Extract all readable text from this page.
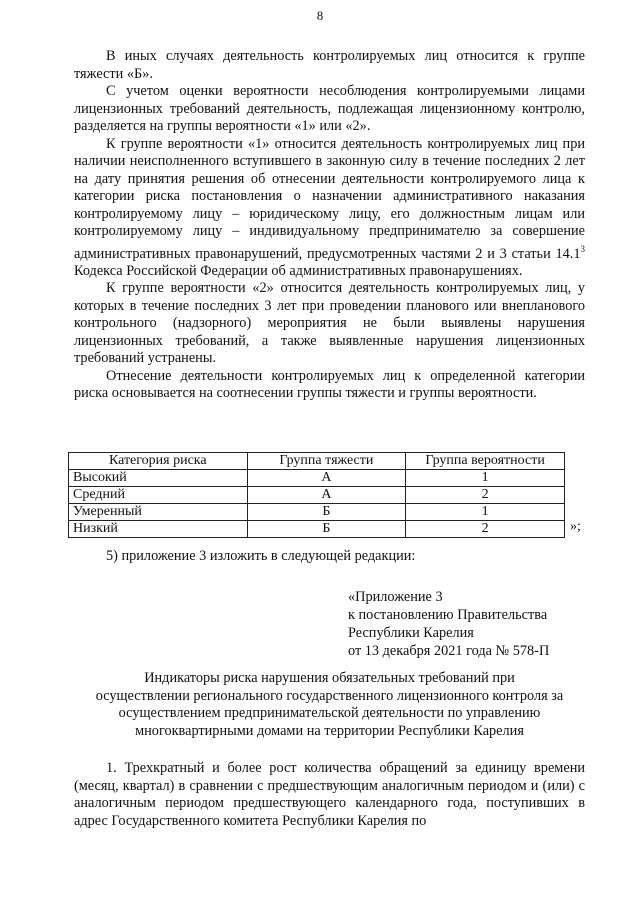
8

В иных случаях деятельность контролируемых лиц относится к группе тяжести «Б».

С учетом оценки вероятности несоблюдения контролируемыми лицами лицензионных требований деятельность, подлежащая лицензионному контролю, разделяется на группы вероятности «1» или «2».

К группе вероятности «1» относится деятельность контролируемых лиц при наличии неисполненного вступившего в законную силу в течение последних 2 лет на дату принятия решения об отнесении деятельности контролируемого лица к категории риска постановления о назначении административного наказания контролируемому лицу – юридическому лицу, его должностным лицам или контролируемому лицу – индивидуальному предпринимателю за совершение административных правонарушений, предусмотренных частями 2 и 3 статьи 14.1$^3$ Кодекса Российской Федерации об административных правонарушениях.

К группе вероятности «2» относится деятельность контролируемых лиц, у которых в течение последних 3 лет при проведении планового или внепланового контрольного (надзорного) мероприятия не были выявлены нарушения лицензионных требований, а также выявленные нарушения лицензионных требований устранены.

Отнесение деятельности контролируемых лиц к определенной категории риска основывается на соотнесении группы тяжести и группы вероятности.

Категория риска	Группа тяжести	Группа вероятности
Высокий	А	1
Средний	А	2
Умеренный	Б	1
Низкий	Б	2	»;
5) приложение 3 изложить в следующей редакции:
«Приложение 3
к постановлению Правительства
Республики Карелия
от 13 декабря 2021 года № 578-П
Индикаторы риска нарушения обязательных требований при
осуществлении регионального государственного лицензионного контроля за
осуществлением предпринимательской деятельности по управлению
многоквартирными домами на территории Республики Карелия

1. Трехкратный и более рост количества обращений за единицу времени (месяц, квартал) в сравнении с предшествующим аналогичным периодом и (или) с аналогичным периодом предшествующего календарного года, поступивших в адрес Государственного комитета Республики Карелия по
